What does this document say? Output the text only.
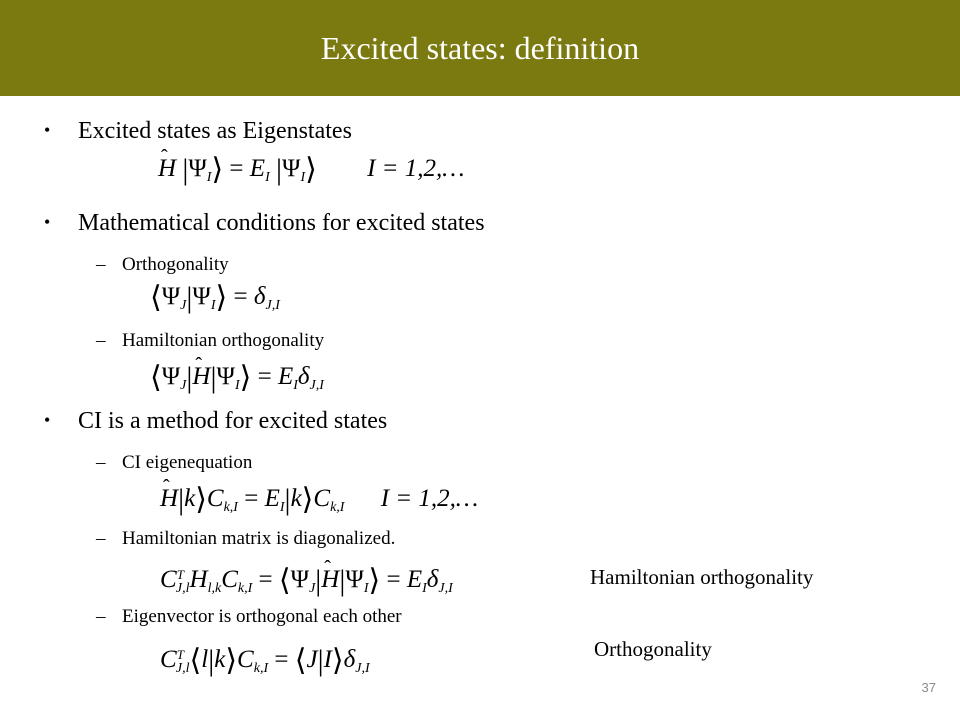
Excited states: definition
• Excited states as Eigenstates
ˆ H $|\Psi_I⟩ = E_I$ $|\Psi_I⟩$ I = 1,2,…
• Mathematical conditions for excited states
– Orthogonality
$⟨\Psi_J|\Psi_I⟩ = \delta_{J,I}$
– Hamiltonian orthogonality
$⟨\Psi_J|ˆ$ $H|\Psi_I⟩ = E_I\delta_{J,I}$
• CI is a method for excited states
– CI eigenequation
ˆ $H|k⟩C_{k,I}$ = $E_I|k⟩C_{k,I}$ I = 1,2,…
– Hamiltonian matrix is diagonalized.
$C^T_{J,l}H_{l,k}C_{k,I}$ = $⟨\Psi_J|ˆ$ $H|\Psi_I⟩ = E_I\delta_{J,I}$	Hamiltonian orthogonality
– Eigenvector is orthogonal each other
$C^T_{J,l}⟨l|k⟩C_{k,I}$ = $⟨J|I⟩\delta_{J,I}$
Orthogonality
37
